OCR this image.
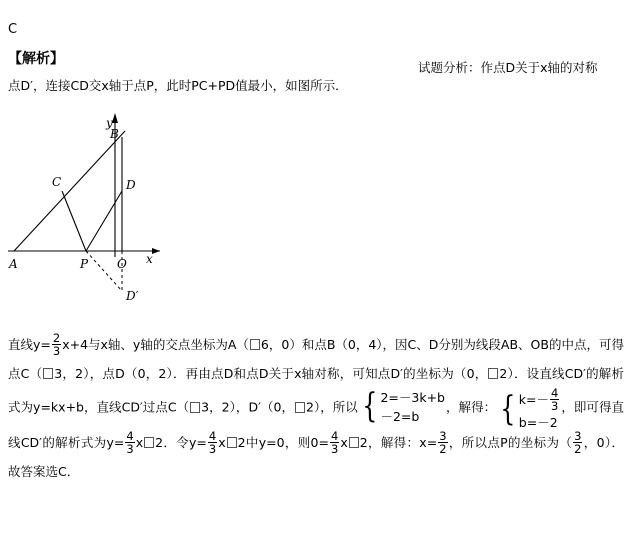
C
【解析】
试题分析：作点D关于x轴的对称
点D′，连接CD交x轴于点P，此时PC+PD值最小，如图所示．
y
x
A
B
C	D
P O
D′
直线$y= \frac{2}{3} x+4$与x轴、y轴的交点坐标为A（ 6，0）和点B（0，4），因C、D分别为线段AB、OB的中点，可得点C（ 3，2），点D（0，2）．再由点D和点D关于x轴对称，可知点D′的坐标为（0， 2）．设直线CD′的解析式为y=kx+b，直线CD′过点C（ 3，2），D′（0， 2），所以 { 2=－3k+b
－2=b
，解得： { $k=- \frac{4}{3}$
b=－2
，即可得直线CD′的解析式为$y= \frac{4}{3}$ x 2．令$y= \frac{4}{3}$ x 2中y=0，则$0= \frac{4}{3}$ x 2，解得：$x= \frac{3}{2}$ ，所以点P的坐标为（ $\frac{3}{2}$ ，0）．故答案选C．
